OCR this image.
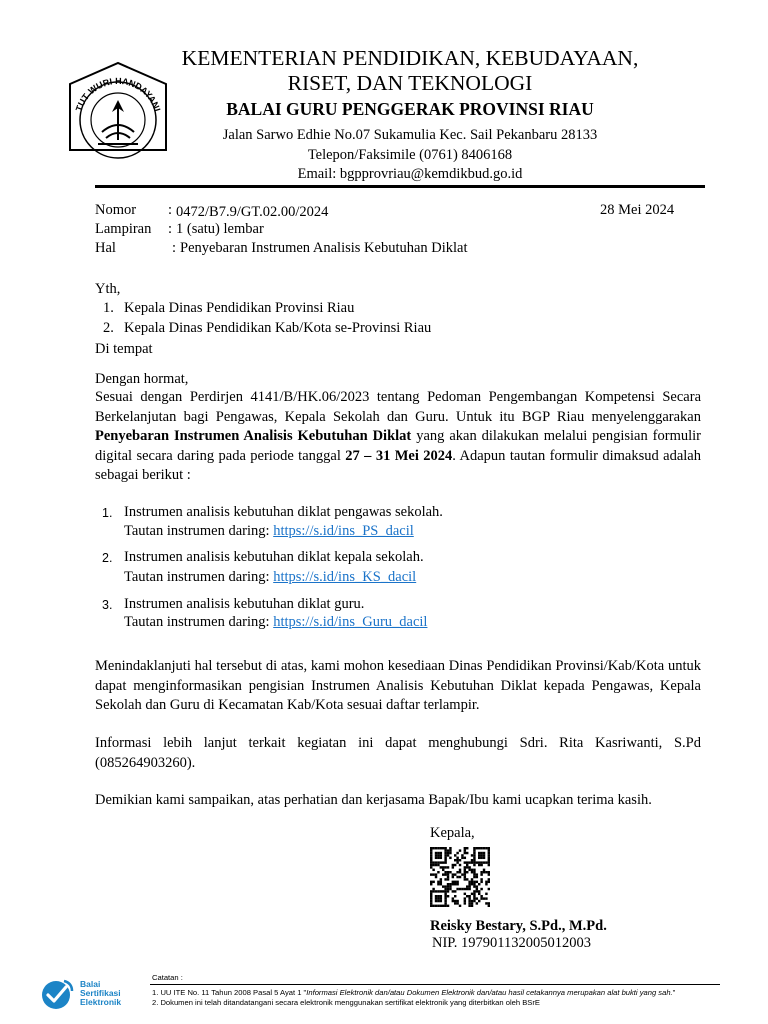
TUT WURI HANDAYANI
KEMENTERIAN PENDIDIKAN, KEBUDAYAAN,
RISET, DAN TEKNOLOGI
BALAI GURU PENGGERAK PROVINSI RIAU
Jalan Sarwo Edhie No.07 Sukamulia Kec. Sail Pekanbaru 28133
Telepon/Faksimile (0761) 8406168
Email: bgpprovriau@kemdikbud.go.id
Nomor : 0472/B7.9/GT.02.00/2024	28 Mei 2024
Lampiran : 1 (satu) lembar
Hal	: Penyebaran Instrumen Analisis Kebutuhan Diklat
Yth,
1. Kepala Dinas Pendidikan Provinsi Riau
2. Kepala Dinas Pendidikan Kab/Kota se-Provinsi Riau
Di tempat
Dengan hormat,
Sesuai dengan Perdirjen 4141/B/HK.06/2023 tentang Pedoman Pengembangan Kompetensi Secara Berkelanjutan bagi Pengawas, Kepala Sekolah dan Guru. Untuk itu BGP Riau menyelenggarakan Penyebaran Instrumen Analisis Kebutuhan Diklat yang akan dilakukan melalui pengisian formulir digital secara daring pada periode tanggal 27 – 31 Mei 2024. Adapun tautan formulir dimaksud adalah sebagai berikut :
1. Instrumen analisis kebutuhan diklat pengawas sekolah.
Tautan instrumen daring: https://s.id/ins_PS_dacil
2. Instrumen analisis kebutuhan diklat kepala sekolah.
Tautan instrumen daring: https://s.id/ins_KS_dacil
3. Instrumen analisis kebutuhan diklat guru.
Tautan instrumen daring: https://s.id/ins_Guru_dacil
Menindaklanjuti hal tersebut di atas, kami mohon kesediaan Dinas Pendidikan Provinsi/Kab/Kota untuk dapat menginformasikan pengisian Instrumen Analisis Kebutuhan Diklat kepada Pengawas, Kepala Sekolah dan Guru di Kecamatan Kab/Kota sesuai daftar terlampir.
Informasi lebih lanjut terkait kegiatan ini dapat menghubungi Sdri. Rita Kasriwanti, S.Pd (085264903260).
Demikian kami sampaikan, atas perhatian dan kerjasama Bapak/Ibu kami ucapkan terima kasih.
Kepala,
Reisky Bestary, S.Pd., M.Pd.
NIP. 197901132005012003
Balai
Sertifikasi
Elektronik
Catatan :
1. UU ITE No. 11 Tahun 2008 Pasal 5 Ayat 1 "Informasi Elektronik dan/atau Dokumen Elektronik dan/atau hasil cetakannya merupakan alat bukti yang sah."
2. Dokumen ini telah ditandatangani secara elektronik menggunakan sertifikat elektronik yang diterbitkan oleh BSrE
